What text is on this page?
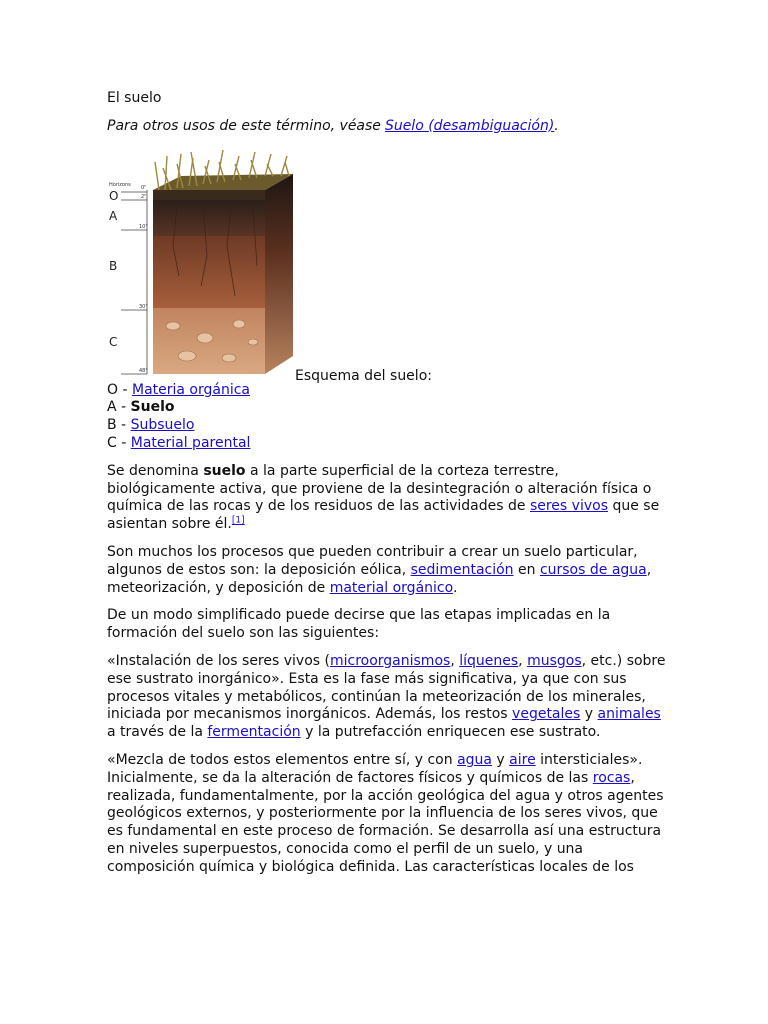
El suelo

Para otros usos de este término, véase Suelo (desambiguación).

Horizons 0"
2"
10"
30"
48"
O
A
B
C
Esquema del suelo:

O - Materia orgánica
A - Suelo
B - Subsuelo
C - Material parental

Se denomina suelo a la parte superficial de la corteza terrestre, biológicamente activa, que proviene de la desintegración o alteración física o química de las rocas y de los residuos de las actividades de seres vivos que se asientan sobre él.[1]

Son muchos los procesos que pueden contribuir a crear un suelo particular, algunos de estos son: la deposición eólica, sedimentación en cursos de agua, meteorización, y deposición de material orgánico.

De un modo simplificado puede decirse que las etapas implicadas en la formación del suelo son las siguientes:

«Instalación de los seres vivos (microorganismos, líquenes, musgos, etc.) sobre ese sustrato inorgánico». Esta es la fase más significativa, ya que con sus procesos vitales y metabólicos, continúan la meteorización de los minerales, iniciada por mecanismos inorgánicos. Además, los restos vegetales y animales a través de la fermentación y la putrefacción enriquecen ese sustrato.

«Mezcla de todos estos elementos entre sí, y con agua y aire intersticiales». Inicialmente, se da la alteración de factores físicos y químicos de las rocas, realizada, fundamentalmente, por la acción geológica del agua y otros agentes geológicos externos, y posteriormente por la influencia de los seres vivos, que es fundamental en este proceso de formación. Se desarrolla así una estructura en niveles superpuestos, conocida como el perfil de un suelo, y una composición química y biológica definida. Las características locales de los
